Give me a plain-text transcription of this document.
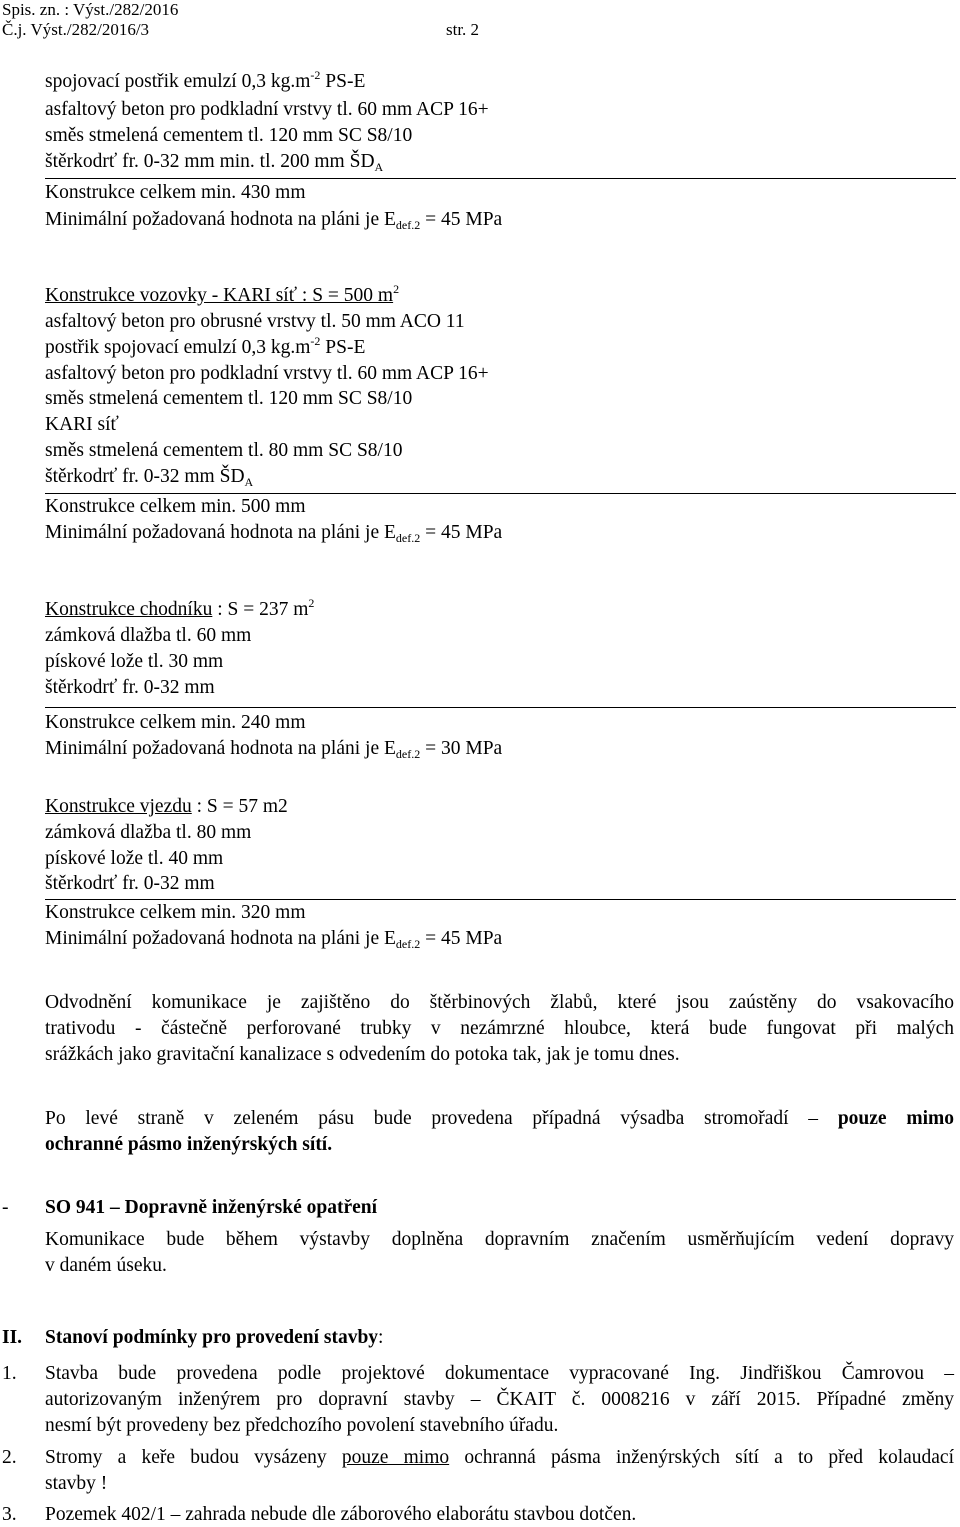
Spis. zn. : Výst./282/2016
Č.j. Výst./282/2016/3	str. 2
spojovací postřik emulzí 0,3 $kg.m^{-2}$ PS-E
asfaltový beton pro podkladní vrstvy tl. 60 mm ACP 16+
směs stmelená cementem tl. 120 mm SC S8/10
štěrkodrť fr. 0-32 mm min. tl. 200 mm $ŠD_A$
Konstrukce celkem min. 430 mm
Minimální požadovaná hodnota na pláni je $E_{def.2} = 45$ MPa
Konstrukce vozovky - KARI síť : S = 500 $m^2$
asfaltový beton pro obrusné vrstvy tl. 50 mm ACO 11
postřik spojovací emulzí 0,3 $kg.m^{-2}$ PS-E
asfaltový beton pro podkladní vrstvy tl. 60 mm ACP 16+
směs stmelená cementem tl. 120 mm SC S8/10
KARI síť
směs stmelená cementem tl. 80 mm SC S8/10
štěrkodrť fr. 0-32 mm $ŠD_A$
Konstrukce celkem min. 500 mm
Minimální požadovaná hodnota na pláni je $E_{def.2} = 45$ MPa
Konstrukce chodníku : S = 237 $m^2$
zámková dlažba tl. 60 mm
pískové lože tl. 30 mm
štěrkodrť fr. 0-32 mm
Konstrukce celkem min. 240 mm
Minimální požadovaná hodnota na pláni je $E_{def.2} = 30$ MPa
Konstrukce vjezdu : S = 57 m2
zámková dlažba tl. 80 mm
pískové lože tl. 40 mm
štěrkodrť fr. 0-32 mm
Konstrukce celkem min. 320 mm
Minimální požadovaná hodnota na pláni je $E_{def.2} = 45$ MPa
Odvodnění komunikace je zajištěno do štěrbinových žlabů, které jsou zaústěny do vsakovacího
trativodu - částečně perforované trubky v nezámrzné hloubce, která bude fungovat při malých
srážkách jako gravitační kanalizace s odvedením do potoka tak, jak je tomu dnes.
Po levé straně v zeleném pásu bude provedena případná výsadba stromořadí – pouze mimo
ochranné pásmo inženýrských sítí.
- SO 941 – Dopravně inženýrské opatření
Komunikace bude během výstavby doplněna dopravním značením usměrňujícím vedení dopravy
v daném úseku.
II. Stanoví podmínky pro provedení stavby:
1. Stavba bude provedena podle projektové dokumentace vypracované Ing. Jindřiškou Čamrovou –
autorizovaným inženýrem pro dopravní stavby – ČKAIT č. 0008216 v září 2015. Případné změny
nesmí být provedeny bez předchozího povolení stavebního úřadu.
2. Stromy a keře budou vysázeny pouze mimo ochranná pásma inženýrských sítí a to před kolaudací
stavby !
3. Pozemek 402/1 – zahrada nebude dle záborového elaborátu stavbou dotčen.
